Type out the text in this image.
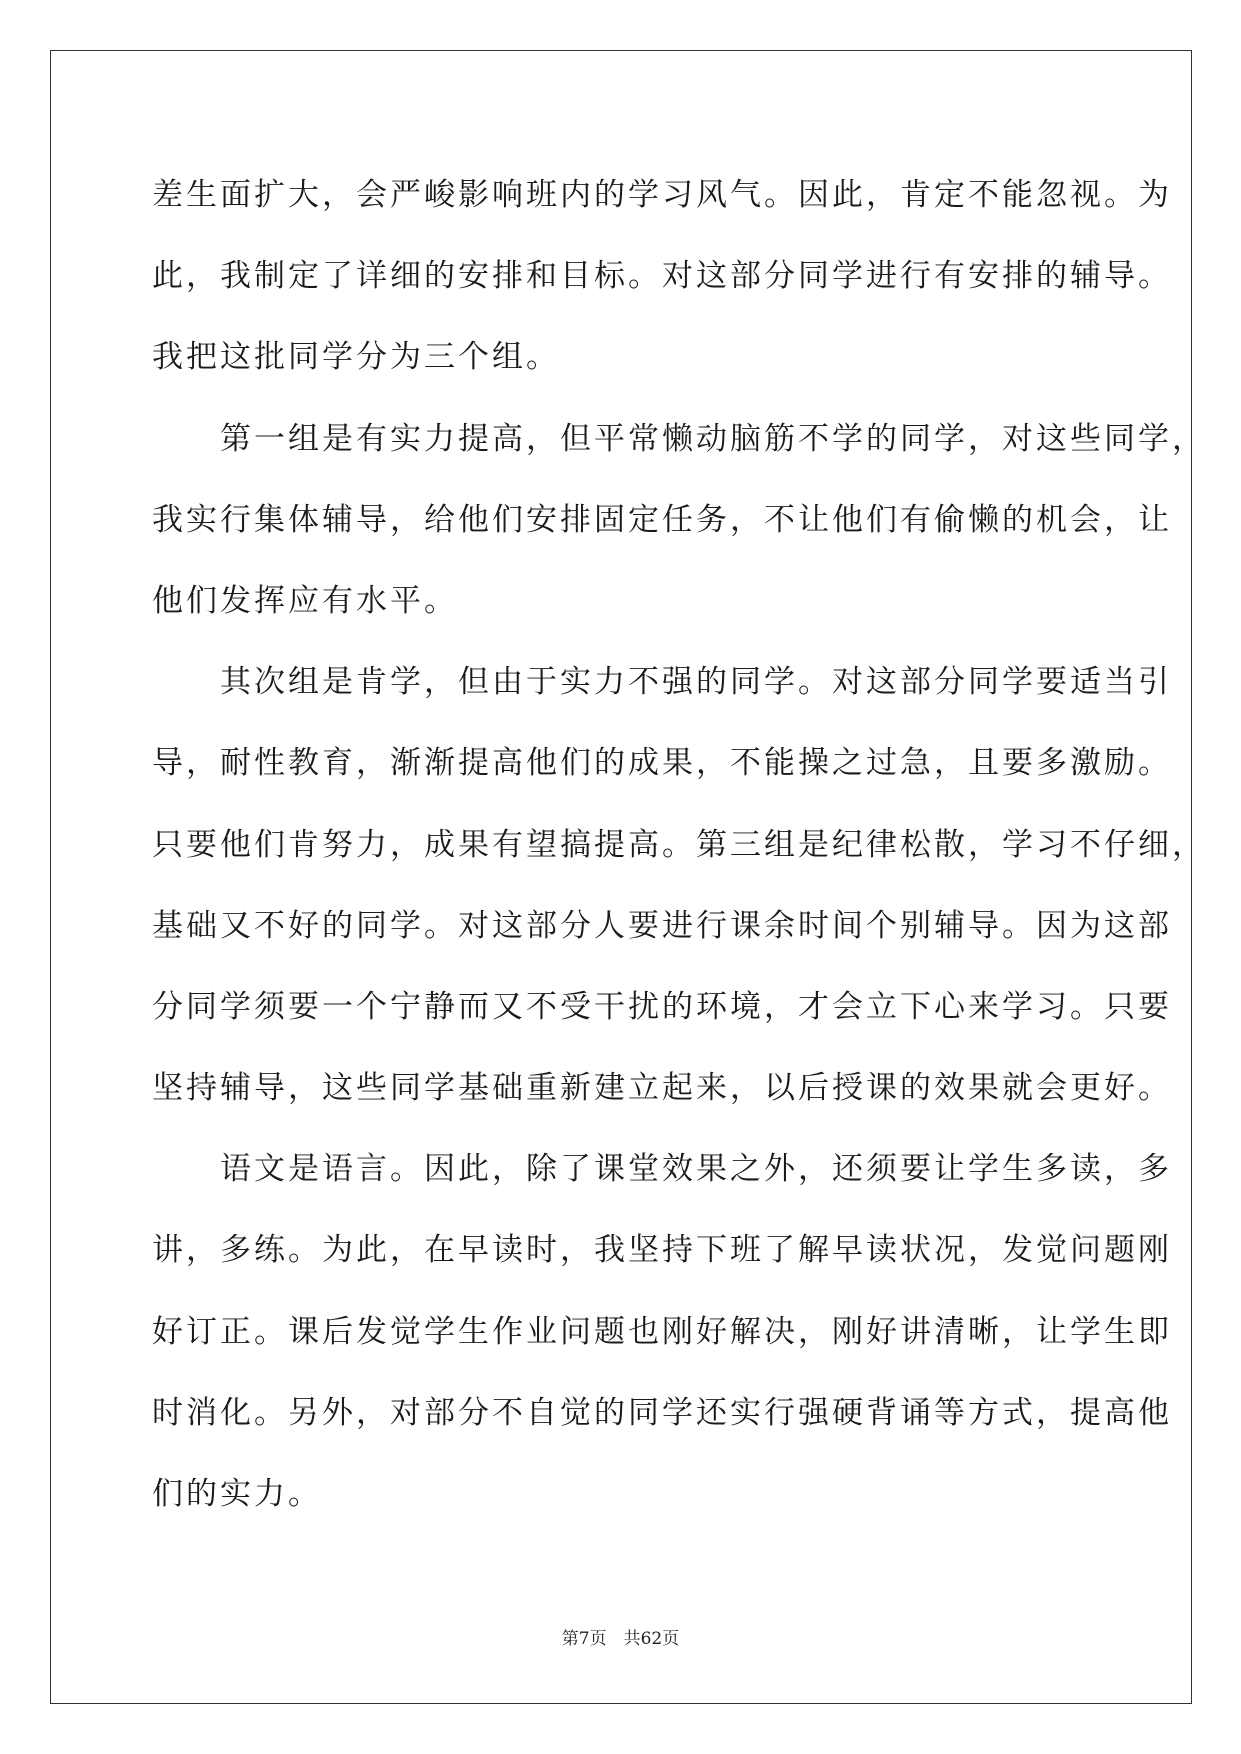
差生面扩大，会严峻影响班内的学习风气。因此，肯定不能忽视。为
此，我制定了详细的安排和目标。对这部分同学进行有安排的辅导。
我把这批同学分为三个组。
　　第一组是有实力提高，但平常懒动脑筋不学的同学，对这些同学，
我实行集体辅导，给他们安排固定任务，不让他们有偷懒的机会，让
他们发挥应有水平。
　　其次组是肯学，但由于实力不强的同学。对这部分同学要适当引
导，耐性教育，渐渐提高他们的成果，不能操之过急，且要多激励。
只要他们肯努力，成果有望搞提高。第三组是纪律松散，学习不仔细，
基础又不好的同学。对这部分人要进行课余时间个别辅导。因为这部
分同学须要一个宁静而又不受干扰的环境，才会立下心来学习。只要
坚持辅导，这些同学基础重新建立起来，以后授课的效果就会更好。
　　语文是语言。因此，除了课堂效果之外，还须要让学生多读，多
讲，多练。为此，在早读时，我坚持下班了解早读状况，发觉问题刚
好订正。课后发觉学生作业问题也刚好解决，刚好讲清晰，让学生即
时消化。另外，对部分不自觉的同学还实行强硬背诵等方式，提高他
们的实力。
第7页　共62页
